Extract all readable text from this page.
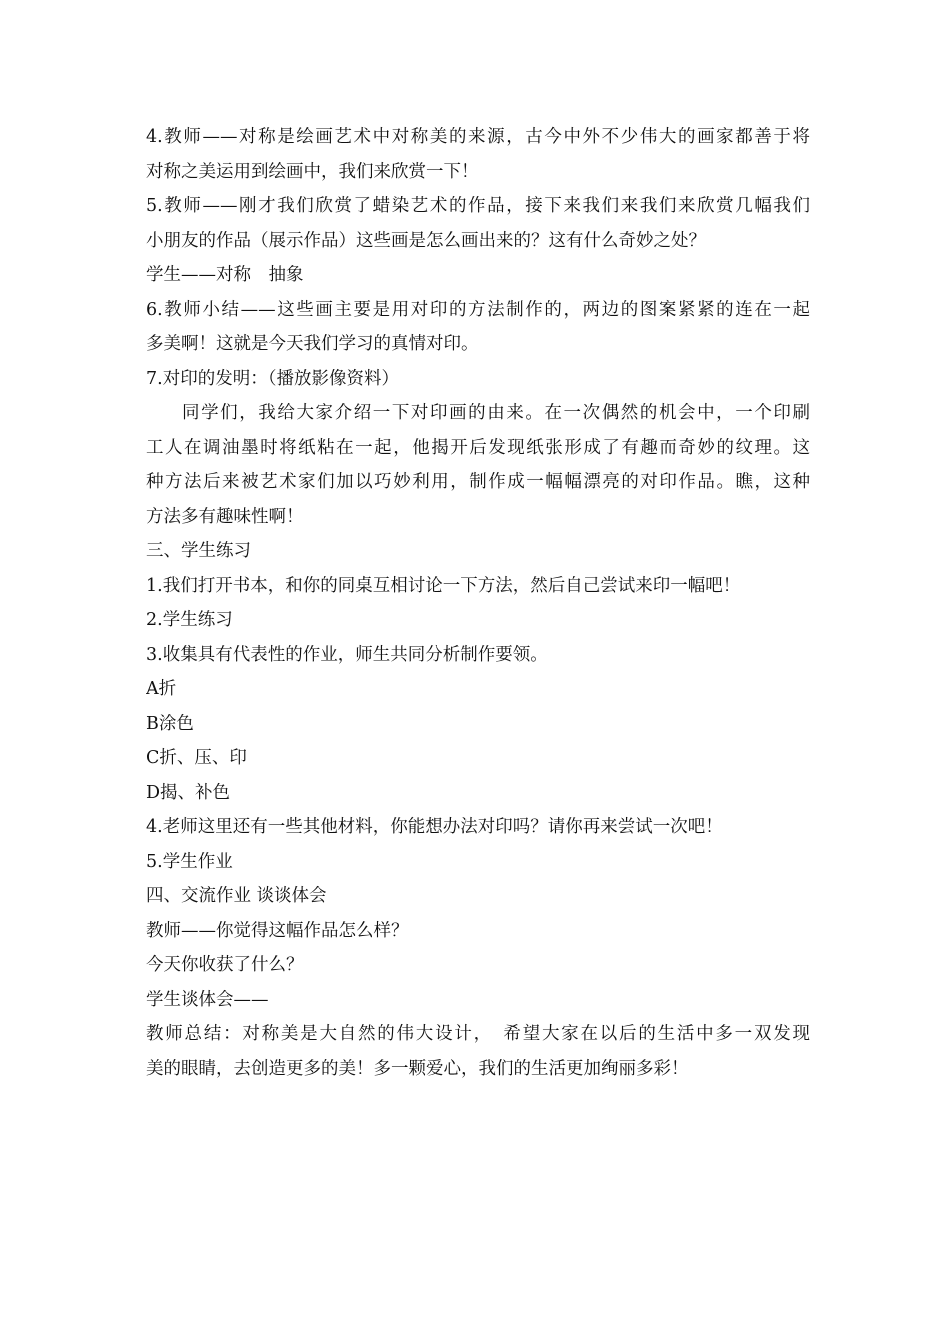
4.教师——对称是绘画艺术中对称美的来源，古今中外不少伟大的画家都善于将
对称之美运用到绘画中，我们来欣赏一下！
5.教师——刚才我们欣赏了蜡染艺术的作品，接下来我们来我们来欣赏几幅我们
小朋友的作品（展示作品）这些画是怎么画出来的？这有什么奇妙之处？
学生——对称　抽象
6.教师小结——这些画主要是用对印的方法制作的，两边的图案紧紧的连在一起
多美啊！这就是今天我们学习的真情对印。
7.对印的发明：（播放影像资料）
同学们，我给大家介绍一下对印画的由来。在一次偶然的机会中，一个印刷
工人在调油墨时将纸粘在一起，他揭开后发现纸张形成了有趣而奇妙的纹理。这
种方法后来被艺术家们加以巧妙利用，制作成一幅幅漂亮的对印作品。瞧，这种
方法多有趣味性啊！
三、学生练习
1.我们打开书本，和你的同桌互相讨论一下方法，然后自己尝试来印一幅吧！
2.学生练习
3.收集具有代表性的作业，师生共同分析制作要领。
A折
B涂色
C折、压、印
D揭、补色
4.老师这里还有一些其他材料，你能想办法对印吗？请你再来尝试一次吧！
5.学生作业
四、交流作业 谈谈体会
教师——你觉得这幅作品怎么样？
今天你收获了什么？
学生谈体会——
教师总结：对称美是大自然的伟大设计，　希望大家在以后的生活中多一双发现
美的眼睛，去创造更多的美！多一颗爱心，我们的生活更加绚丽多彩！
